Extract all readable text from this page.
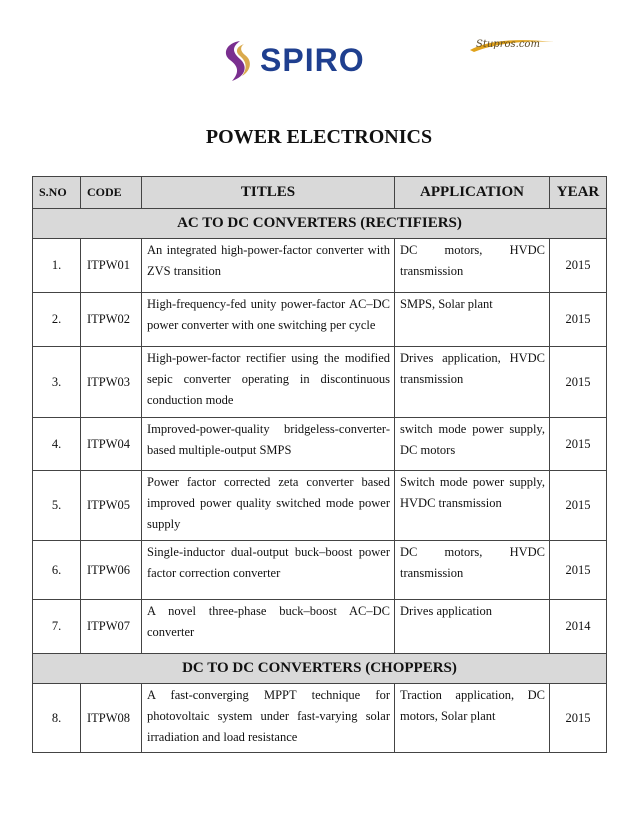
SPIRO	Stupros.com
POWER ELECTRONICS
S.NO	CODE	TITLES	APPLICATION	YEAR
AC TO DC CONVERTERS (RECTIFIERS)				
1.	ITPW01	An integrated high-power-factor converter with ZVS transition	DC motors, HVDC transmission	2015
2.	ITPW02	High-frequency-fed unity power-factor AC–DC power converter with one switching per cycle	SMPS, Solar plant	2015
3.	ITPW03	High-power-factor rectifier using the modified sepic converter operating in discontinuous conduction mode	Drives application, HVDC transmission	2015
4.	ITPW04	Improved-power-quality bridgeless-converter-based multiple-output SMPS	switch mode power supply, DC motors	2015
5.	ITPW05	Power factor corrected zeta converter based improved power quality switched mode power supply	Switch mode power supply, HVDC transmission	2015
6.	ITPW06	Single-inductor dual-output buck–boost power factor correction converter	DC motors, HVDC transmission	2015
7.	ITPW07	A novel three-phase buck–boost AC–DC converter	Drives application	2014
DC TO DC CONVERTERS (CHOPPERS)				
8.	ITPW08	A fast-converging MPPT technique for photovoltaic system under fast-varying solar irradiation and load resistance	Traction application, DC motors, Solar plant	2015
